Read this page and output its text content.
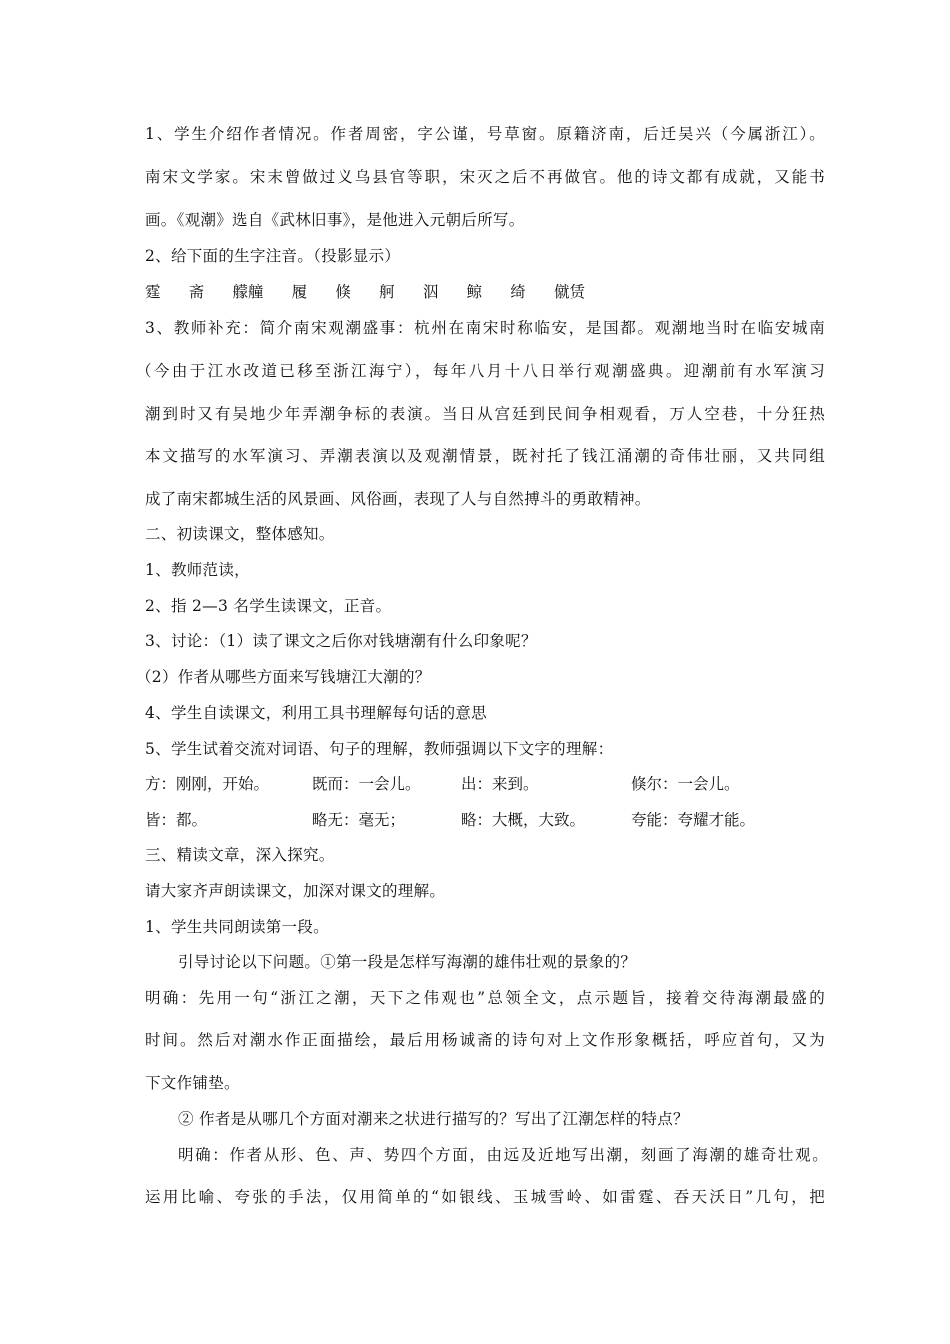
1、学生介绍作者情况。作者周密，字公谨，号草窗。原籍济南，后迁吴兴（今属浙江）。
南宋文学家。宋末曾做过义乌县官等职，宋灭之后不再做官。他的诗文都有成就，又能书
画。《观潮》选自《武林旧事》，是他进入元朝后所写。
2、给下面的生字注音。（投影显示）
霆 斋 艨艟 履 倏 舸 泅 鲸 绮 僦赁
3、教师补充：简介南宋观潮盛事：杭州在南宋时称临安，是国都。观潮地当时在临安城南
（今由于江水改道已移至浙江海宁），每年八月十八日举行观潮盛典。迎潮前有水军演习
潮到时又有吴地少年弄潮争标的表演。当日从宫廷到民间争相观看，万人空巷，十分狂热
本文描写的水军演习、弄潮表演以及观潮情景，既衬托了钱江涌潮的奇伟壮丽，又共同组
成了南宋都城生活的风景画、风俗画，表现了人与自然搏斗的勇敢精神。
二、初读课文，整体感知。
1、教师范读，
2、指 2—3 名学生读课文，正音。
3、讨论：（1）读了课文之后你对钱塘潮有什么印象呢？
（2）作者从哪些方面来写钱塘江大潮的？
4、学生自读课文，利用工具书理解每句话的意思
5、学生试着交流对词语、句子的理解，教师强调以下文字的理解：
方：刚刚，开始。	既而：一会儿。	出：来到。	倏尔：一会儿。
皆：都。	略无：毫无；	略：大概，大致。	夸能：夸耀才能。
三、精读文章，深入探究。
请大家齐声朗读课文，加深对课文的理解。
1、学生共同朗读第一段。
引导讨论以下问题。①第一段是怎样写海潮的雄伟壮观的景象的？
明确：先用一句“浙江之潮，天下之伟观也”总领全文，点示题旨，接着交待海潮最盛的
时间。然后对潮水作正面描绘，最后用杨诚斋的诗句对上文作形象概括，呼应首句，又为
下文作铺垫。
② 作者是从哪几个方面对潮来之状进行描写的？写出了江潮怎样的特点？
明确：作者从形、色、声、势四个方面，由远及近地写出潮，刻画了海潮的雄奇壮观。
运用比喻、夸张的手法，仅用简单的“如银线、玉城雪岭、如雷霆、吞天沃日”几句，把
